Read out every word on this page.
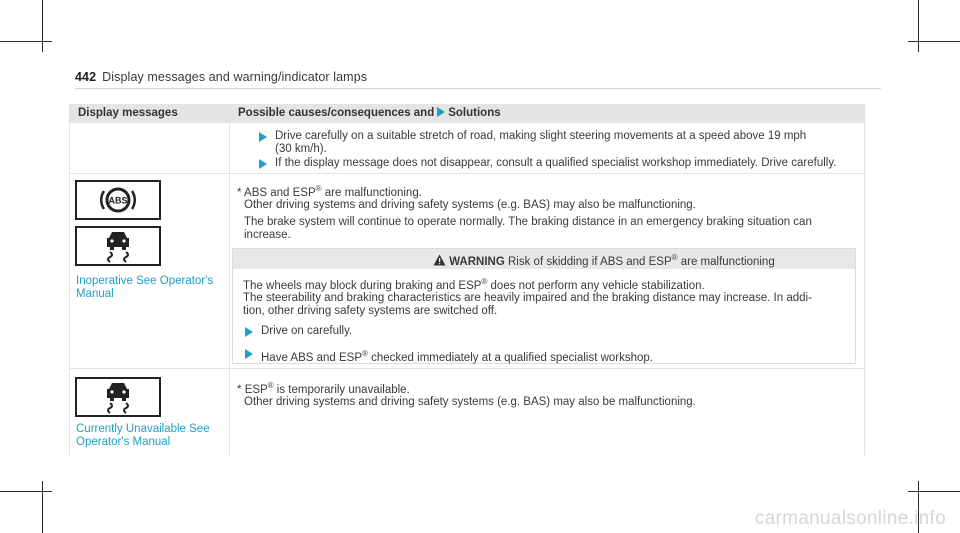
442 Display messages and warning/indicator lamps
Display messages	Possible causes/consequences and Solutions
Drive carefully on a suitable stretch of road, making slight steering movements at a speed above 19 mph
(30 km/h).
If the display message does not disappear, consult a qualified specialist workshop immediately. Drive carefully.
ABS
Inoperative See Operator's
Manual
* ABS and ESP® are malfunctioning.
Other driving systems and driving safety systems (e.g. BAS) may also be malfunctioning.
The brake system will continue to operate normally. The braking distance in an emergency braking situation can
increase.
WARNING Risk of skidding if ABS and ESP® are malfunctioning
The wheels may block during braking and ESP® does not perform any vehicle stabilization.
The steerability and braking characteristics are heavily impaired and the braking distance may increase. In addi-
tion, other driving safety systems are switched off.
Drive on carefully.
Have ABS and ESP® checked immediately at a qualified specialist workshop.
Currently Unavailable See
Operator's Manual
* ESP® is temporarily unavailable.
Other driving systems and driving safety systems (e.g. BAS) may also be malfunctioning.
carmanualsonline.info
